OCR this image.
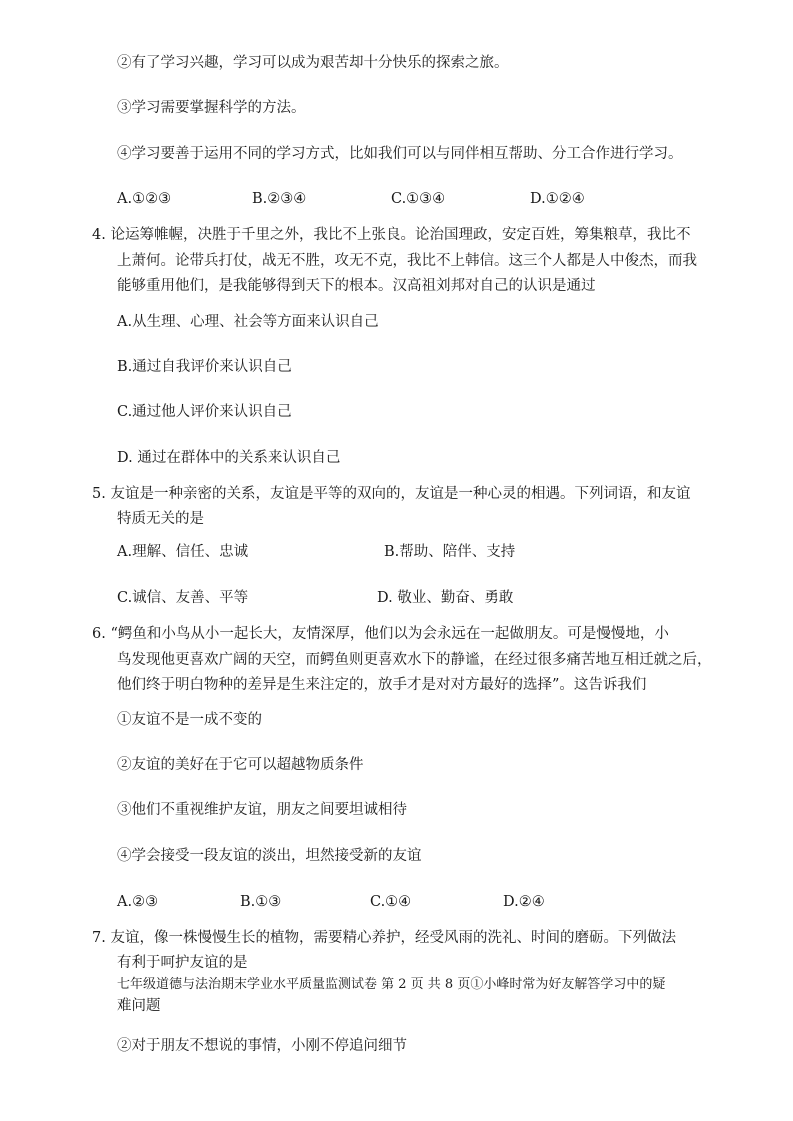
②有了学习兴趣，学习可以成为艰苦却十分快乐的探索之旅。
③学习需要掌握科学的方法。
④学习要善于运用不同的学习方式，比如我们可以与同伴相互帮助、分工合作进行学习。
A.①②③	B.②③④	C.①③④	D.①②④
4. 论运筹帷幄，决胜于千里之外，我比不上张良。论治国理政，安定百姓，筹集粮草，我比不
上萧何。论带兵打仗，战无不胜，攻无不克，我比不上韩信。这三个人都是人中俊杰，而我
能够重用他们，是我能够得到天下的根本。汉高祖刘邦对自己的认识是通过
A.从生理、心理、社会等方面来认识自己
B.通过自我评价来认识自己
C.通过他人评价来认识自己
D. 通过在群体中的关系来认识自己
5. 友谊是一种亲密的关系，友谊是平等的双向的，友谊是一种心灵的相遇。下列词语，和友谊
特质无关的是
A.理解、信任、忠诚	B.帮助、陪伴、支持
C.诚信、友善、平等	D. 敬业、勤奋、勇敢
6. “鳄鱼和小鸟从小一起长大，友情深厚，他们以为会永远在一起做朋友。可是慢慢地，小
鸟发现他更喜欢广阔的天空，而鳄鱼则更喜欢水下的静谧，在经过很多痛苦地互相迁就之后，
他们终于明白物种的差异是生来注定的，放手才是对对方最好的选择”。这告诉我们
①友谊不是一成不变的
②友谊的美好在于它可以超越物质条件
③他们不重视维护友谊，朋友之间要坦诚相待
④学会接受一段友谊的淡出，坦然接受新的友谊
A.②③	B.①③	C.①④	D.②④
7. 友谊，像一株慢慢生长的植物，需要精心养护，经受风雨的洗礼、时间的磨砺。下列做法
有利于呵护友谊的是
七年级道德与法治期末学业水平质量监测试卷 第 2 页 共 8 页①小峰时常为好友解答学习中的疑
难问题
②对于朋友不想说的事情，小刚不停追问细节
